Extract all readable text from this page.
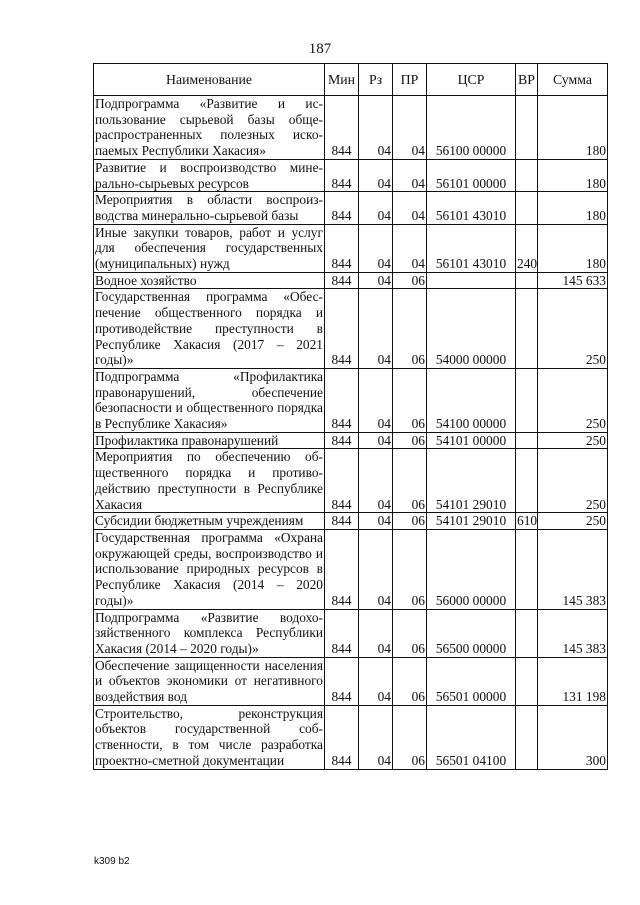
187
Наименование	Мин	Рз	ПР	ЦСР	ВР	Сумма
Подпрограмма «Развитие и использование сырьевой базы общераспространенных полезных ископаемых Республики Хакасия»	844	04	04	56100 00000		180
Развитие и воспроизводство минерально-сырьевых ресурсов	844	04	04	56101 00000		180
Мероприятия в области воспроизводства минерально-сырьевой базы	844	04	04	56101 43010		180
Иные закупки товаров, работ и услуг для обеспечения государственных (муниципальных) нужд	844	04	04	56101 43010	240	180
Водное хозяйство	844	04	06			145 633
Государственная программа «Обеспечение общественного порядка и противодействие преступности в Республике Хакасия (2017 – 2021 годы)»	844	04	06	54000 00000		250
Подпрограмма «Профилактика правонарушений, обеспечение безопасности и общественного порядка в Республике Хакасия»	844	04	06	54100 00000		250
Профилактика правонарушений	844	04	06	54101 00000		250
Мероприятия по обеспечению общественного порядка и противодействию преступности в Республике Хакасия	844	04	06	54101 29010		250
Субсидии бюджетным учреждениям	844	04	06	54101 29010	610	250
Государственная программа «Охрана окружающей среды, воспроизводство и использование природных ресурсов в Республике Хакасия (2014 – 2020 годы)»	844	04	06	56000 00000		145 383
Подпрограмма «Развитие водохозяйственного комплекса Республики Хакасия (2014 – 2020 годы)»	844	04	06	56500 00000		145 383
Обеспечение защищенности населения и объектов экономики от негативного воздействия вод	844	04	06	56501 00000		131 198
Строительство, реконструкция объектов государственной собственности, в том числе разработка проектно-сметной документации	844	04	06	56501 04100		300
k309 b2
